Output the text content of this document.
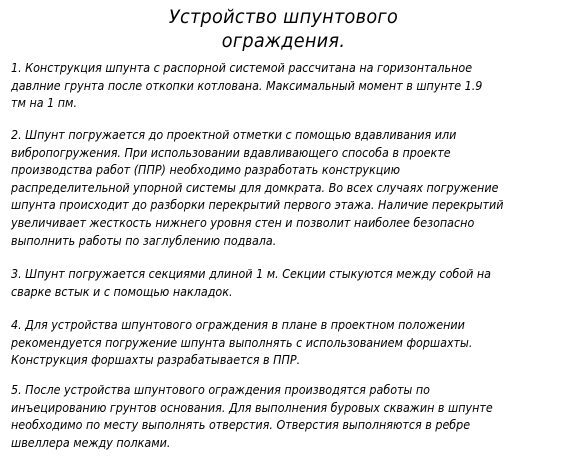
Устройство шпунтового
ограждения.
1. Конструкция шпунта с распорной системой рассчитана на горизонтальное
давлние грунта после откопки котлована. Максимальный момент в шпунте 1.9
тм на 1 пм.
2. Шпунт погружается до проектной отметки с помощью вдавливания или
вибропогружения. При использовании вдавливающего способа в проекте
производства работ (ППР) необходимо разработать конструкцию
распределительной упорной системы для домкрата. Во всех случаях погружение
шпунта происходит до разборки перекрытий первого этажа. Наличие перекрытий
увеличивает жесткость нижнего уровня стен и позволит наиболее безопасно
выполнить работы по заглублению подвала.
3. Шпунт погружается секциями длиной 1 м. Секции стыкуются между собой на
сварке встык и с помощью накладок.
4. Для устройства шпунтового ограждения в плане в проектном положении
рекомендуется погружение шпунта выполнять с использованием форшахты.
Конструкция форшахты разрабатывается в ППР.
5. После устройства шпунтового ограждения производятся работы по
инъецированию грунтов основания. Для выполнения буровых скважин в шпунте
необходимо по месту выполнять отверстия. Отверстия выполняются в ребре
швеллера между полками.
